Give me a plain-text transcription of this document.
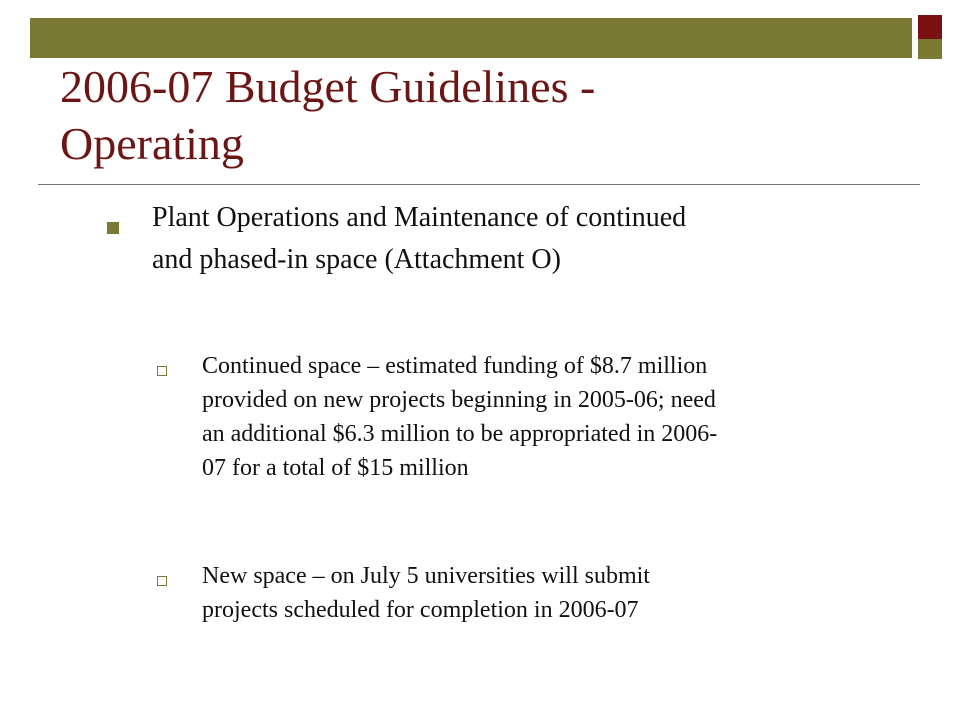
2006-07 Budget Guidelines -
Operating
Plant Operations and Maintenance of continued
and phased-in space (Attachment O)
Continued space – estimated funding of $8.7 million
provided on new projects beginning in 2005-06; need
an additional $6.3 million to be appropriated in 2006-
07 for a total of $15 million
New space – on July 5 universities will submit
projects scheduled for completion in 2006-07
